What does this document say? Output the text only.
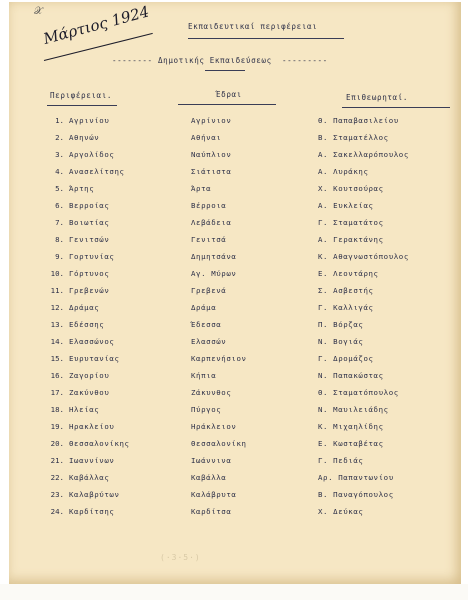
𝒳
Μάρτιος 1924	Εκπαιδευτικαί περιφέρειαι
-------- Δημοτικής Εκπαιδεύσεως ---------
Περιφέρειαι.	Έδραι	Επιθεωρηταί.
1. Αγρινίου	Αγρίνιον	Θ. Παπαβασιλείου
2. Αθηνών	Αθήναι	Β. Σταματέλλος
3. Αργολίδος	Ναύπλιον	Α. Σακελλαρόπουλος
4. Ανασελίτσης	Σιάτιστα	Α. Λυράκης
5. Άρτης	Άρτα	Χ. Κουτσούρας
6. Βερροίας	Βέρροια	Α. Ευκλείας
7. Βοιωτίας	Λεβάδεια	Γ. Σταματάτος
8. Γενιτσών	Γενιτσά	Α. Γερακτάνης
9. Γορτυνίας	Δημητσάνα	Κ. Αθαγνωστόπουλος
10. Γόρτυνος	Αγ. Μύρων	Ε. Λεοντάρης
11. Γρεβενών	Γρεβενά	Σ. Ασβεστής
12. Δράμας	Δράμα	Γ. Καλλιγάς
13. Εδέσσης	Έδεσσα	Π. Βόρζας
14. Ελασσώνος	Ελασσών	Ν. Βογιάς
15. Ευρυτανίας	Καρπενήσιον	Γ. Δρομάζος
16. Ζαγορίου	Κήπια	Ν. Παπακώστας
17. Ζακύνθου	Ζάκυνθος	Θ. Σταματόπουλος
18. Ηλείας	Πύργος	Ν. Μαυιλειάδης
19. Ηρακλείου	Ηράκλειον	Κ. Μιχαηλίδης
20. Θεσσαλονίκης	Θεσσαλονίκη	Ε. Κωσταβέτας
21. Ιωαννίνων	Ιωάννινα	Γ. Πεδιάς
22. Καβάλλας	Καβάλλα	Αρ. Παπαντωνίου
23. Καλαβρύτων	Καλάβρυτα	Β. Παναγόπουλος
24. Καρδίτσης	Καρδίτσα	Χ. Δεύκας
(·3·5·)
